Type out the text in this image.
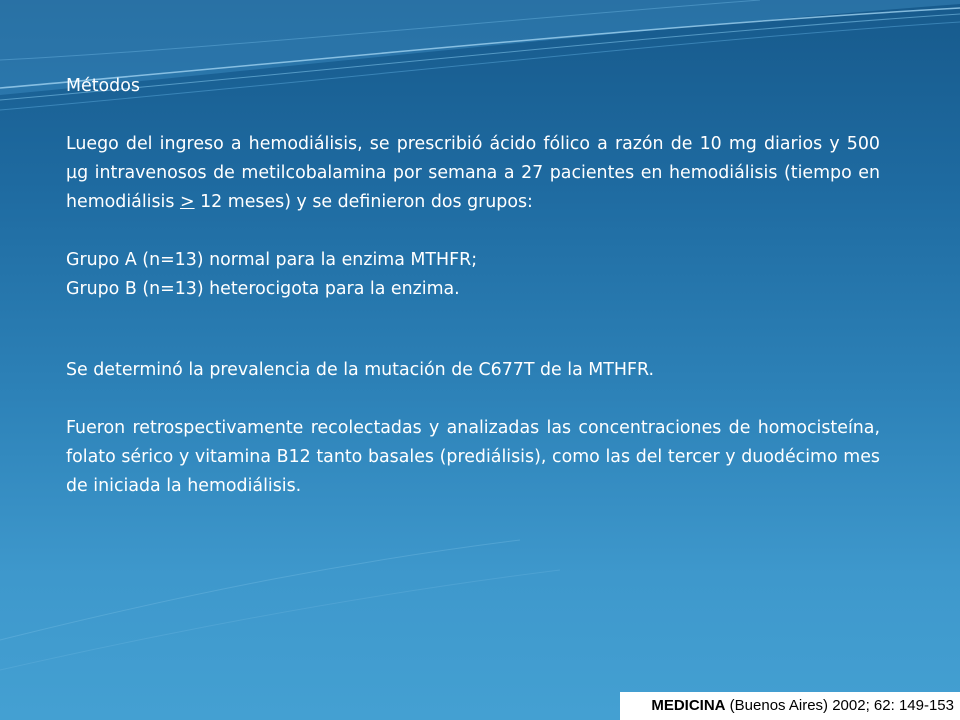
Métodos

Luego del ingreso a hemodiálisis, se prescribió ácido fólico a razón de 10 mg diarios y 500 µg intravenosos de metilcobalamina por semana a 27 pacientes en hemodiálisis (tiempo en hemodiálisis ≥ 12 meses) y se definieron dos grupos:

Grupo A (n=13) normal para la enzima MTHFR;

Grupo B (n=13) heterocigota para la enzima.

Se determinó la prevalencia de la mutación de C677T de la MTHFR.

Fueron retrospectivamente recolectadas y analizadas las concentraciones de homocisteína, folato sérico y vitamina B12 tanto basales (prediálisis), como las del tercer y duodécimo mes de iniciada la hemodiálisis.

MEDICINA (Buenos Aires) 2002; 62: 149-153
